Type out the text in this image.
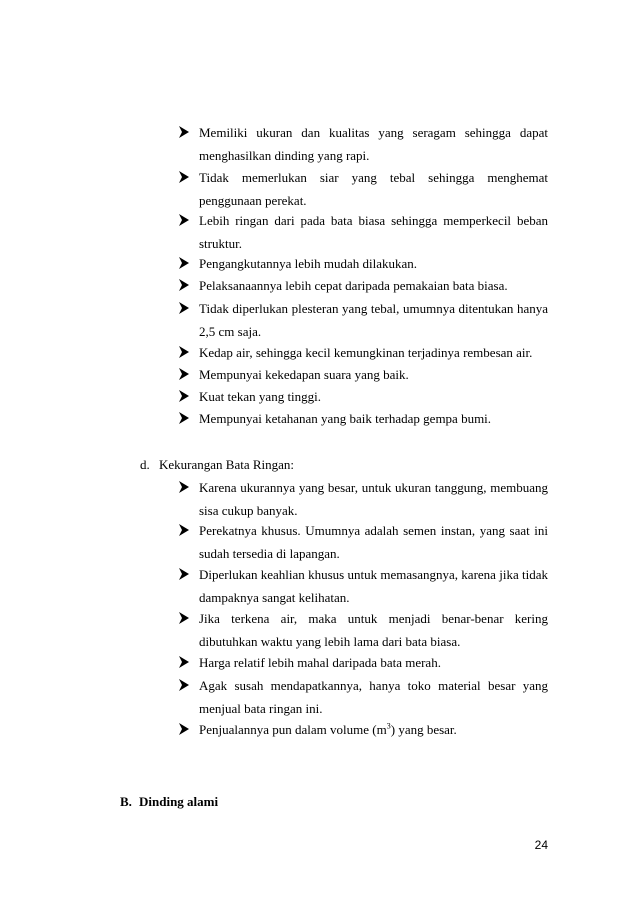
Memiliki ukuran dan kualitas yang seragam sehingga dapat
menghasilkan dinding yang rapi.
Tidak memerlukan siar yang tebal sehingga menghemat
penggunaan perekat.
Lebih ringan dari pada bata biasa sehingga memperkecil beban
struktur.
Pengangkutannya lebih mudah dilakukan.
Pelaksanaannya lebih cepat daripada pemakaian bata biasa.
Tidak diperlukan plesteran yang tebal, umumnya ditentukan hanya
2,5 cm saja.
Kedap air, sehingga kecil kemungkinan terjadinya rembesan air.
Mempunyai kekedapan suara yang baik.
Kuat tekan yang tinggi.
Mempunyai ketahanan yang baik terhadap gempa bumi.
d. Kekurangan Bata Ringan:
Karena ukurannya yang besar, untuk ukuran tanggung, membuang
sisa cukup banyak.
Perekatnya khusus. Umumnya adalah semen instan, yang saat ini
sudah tersedia di lapangan.
Diperlukan keahlian khusus untuk memasangnya, karena jika tidak
dampaknya sangat kelihatan.
Jika terkena air, maka untuk menjadi benar-benar kering
dibutuhkan waktu yang lebih lama dari bata biasa.
Harga relatif lebih mahal daripada bata merah.
Agak susah mendapatkannya, hanya toko material besar yang
menjual bata ringan ini.
Penjualannya pun dalam volume $(m^3)$ yang besar.
B. Dinding alami
24
